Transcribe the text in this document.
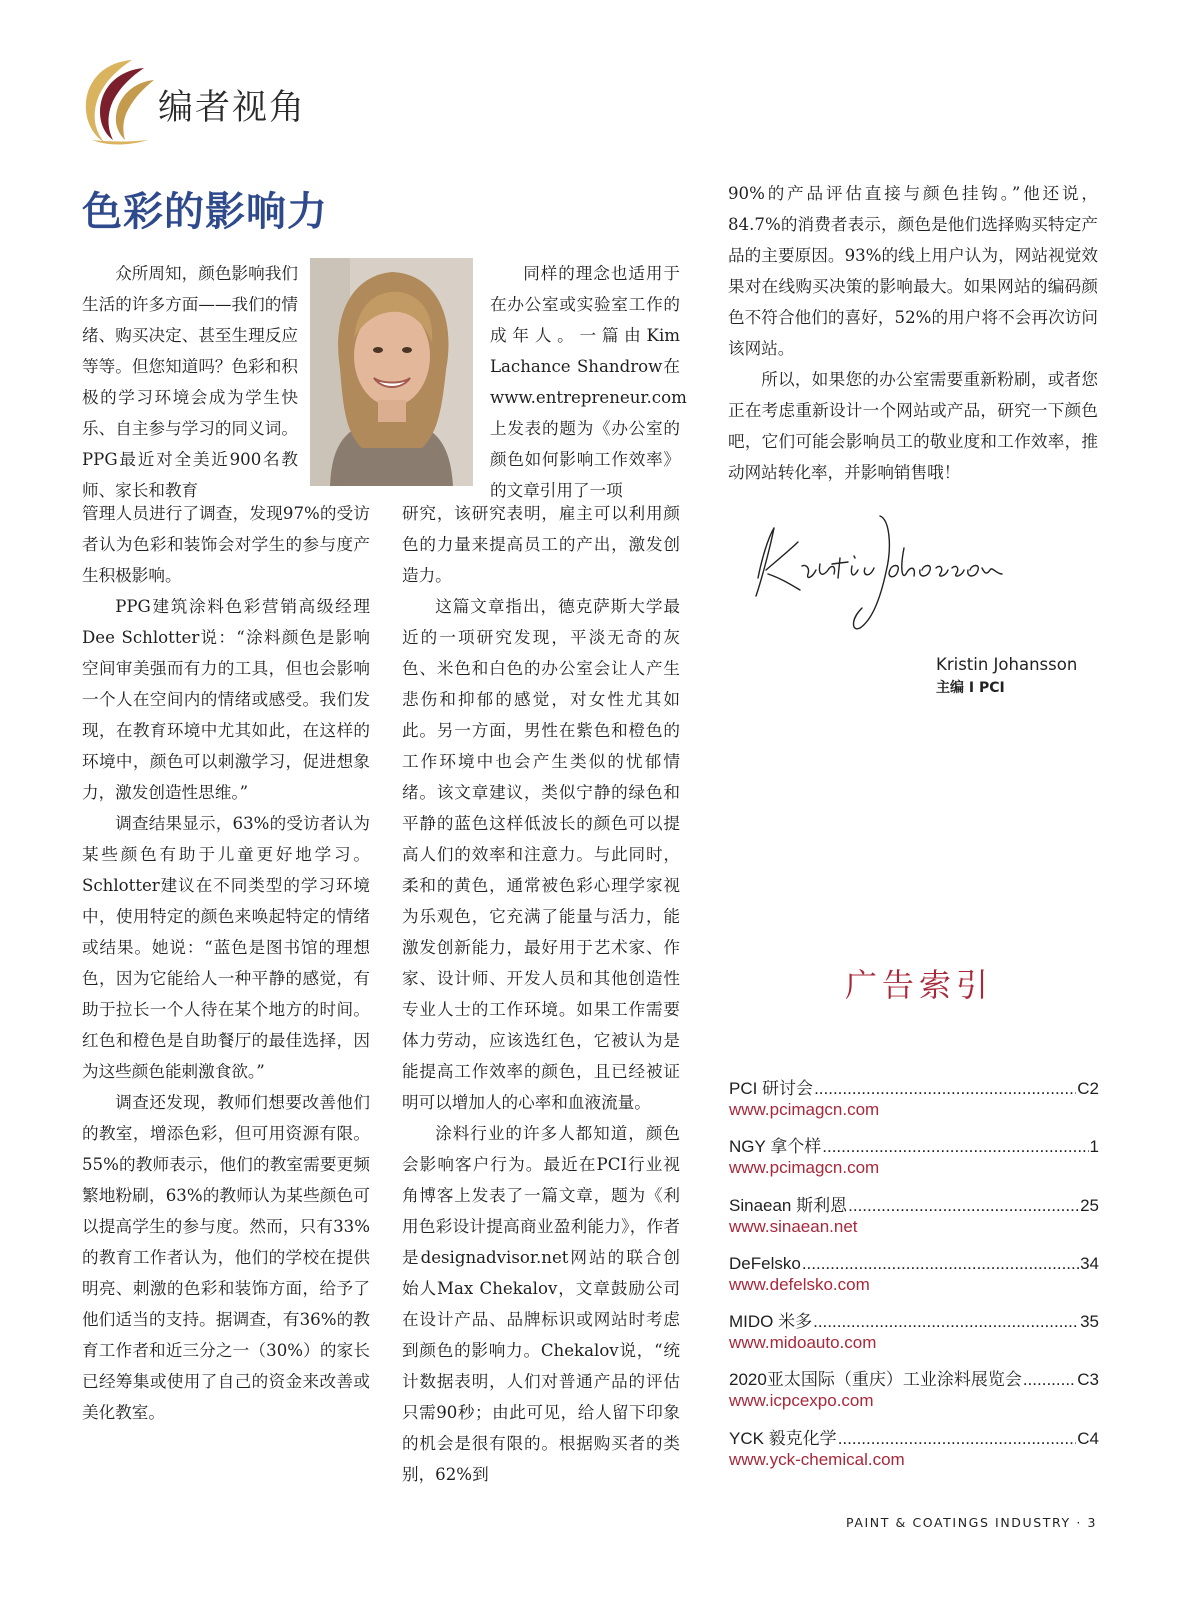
编者视角
色彩的影响力

众所周知，颜色影响我们生活的许多方面——我们的情绪、购买决定、甚至生理反应等等。但您知道吗？色彩和积极的学习环境会成为学生快乐、自主参与学习的同义词。PPG最近对全美近900名教师、家长和教育

同样的理念也适用于在办公室或实验室工作的成年人。一篇由Kim Lachance Shandrow在www.entrepreneur.com上发表的题为《办公室的颜色如何影响工作效率》的文章引用了一项

管理人员进行了调查，发现97%的受访者认为色彩和装饰会对学生的参与度产生积极影响。

PPG建筑涂料色彩营销高级经理Dee Schlotter说：“涂料颜色是影响空间审美强而有力的工具，但也会影响一个人在空间内的情绪或感受。我们发现，在教育环境中尤其如此，在这样的环境中，颜色可以刺激学习，促进想象力，激发创造性思维。”

调查结果显示，63%的受访者认为某些颜色有助于儿童更好地学习。Schlotter建议在不同类型的学习环境中，使用特定的颜色来唤起特定的情绪或结果。她说：“蓝色是图书馆的理想色，因为它能给人一种平静的感觉，有助于拉长一个人待在某个地方的时间。红色和橙色是自助餐厅的最佳选择，因为这些颜色能刺激食欲。”

调查还发现，教师们想要改善他们的教室，增添色彩，但可用资源有限。55%的教师表示，他们的教室需要更频繁地粉刷，63%的教师认为某些颜色可以提高学生的参与度。然而，只有33%的教育工作者认为，他们的学校在提供明亮、刺激的色彩和装饰方面，给予了他们适当的支持。据调查，有36%的教育工作者和近三分之一（30%）的家长已经筹集或使用了自己的资金来改善或美化教室。

研究，该研究表明，雇主可以利用颜色的力量来提高员工的产出，激发创造力。

这篇文章指出，德克萨斯大学最近的一项研究发现，平淡无奇的灰色、米色和白色的办公室会让人产生悲伤和抑郁的感觉，对女性尤其如此。另一方面，男性在紫色和橙色的工作环境中也会产生类似的忧郁情绪。该文章建议，类似宁静的绿色和平静的蓝色这样低波长的颜色可以提高人们的效率和注意力。与此同时，柔和的黄色，通常被色彩心理学家视为乐观色，它充满了能量与活力，能激发创新能力，最好用于艺术家、作家、设计师、开发人员和其他创造性专业人士的工作环境。如果工作需要体力劳动，应该选红色，它被认为是能提高工作效率的颜色，且已经被证明可以增加人的心率和血液流量。

涂料行业的许多人都知道，颜色会影响客户行为。最近在PCI行业视角博客上发表了一篇文章，题为《利用色彩设计提高商业盈利能力》，作者是designadvisor.net网站的联合创始人Max Chekalov，文章鼓励公司在设计产品、品牌标识或网站时考虑到颜色的影响力。Chekalov说，“统计数据表明，人们对普通产品的评估只需90秒；由此可见，给人留下印象的机会是很有限的。根据购买者的类别，62%到

90%的产品评估直接与颜色挂钩。”他还说，84.7%的消费者表示，颜色是他们选择购买特定产品的主要原因。93%的线上用户认为，网站视觉效果对在线购买决策的影响最大。如果网站的编码颜色不符合他们的喜好，52%的用户将不会再次访问该网站。

所以，如果您的办公室需要重新粉刷，或者您正在考虑重新设计一个网站或产品，研究一下颜色吧，它们可能会影响员工的敬业度和工作效率，推动网站转化率，并影响销售哦！

Kristin Johansson
主编 I PCI
广告索引
PCI 研讨会 .....	C2
www.pcimagcn.com
NGY 拿个样 .....	1
www.pcimagcn.com
Sinaean 斯利恩 .....	25
www.sinaean.net
DeFelsko .....	34
www.defelsko.com
MIDO 米多 .....	35
www.midoauto.com
2020亚太国际（重庆）工业涂料展览会 .....	C3
www.icpcexpo.com
YCK 毅克化学 .....	C4
www.yck-chemical.com
PAINT & COATINGS INDUSTRY · 3
